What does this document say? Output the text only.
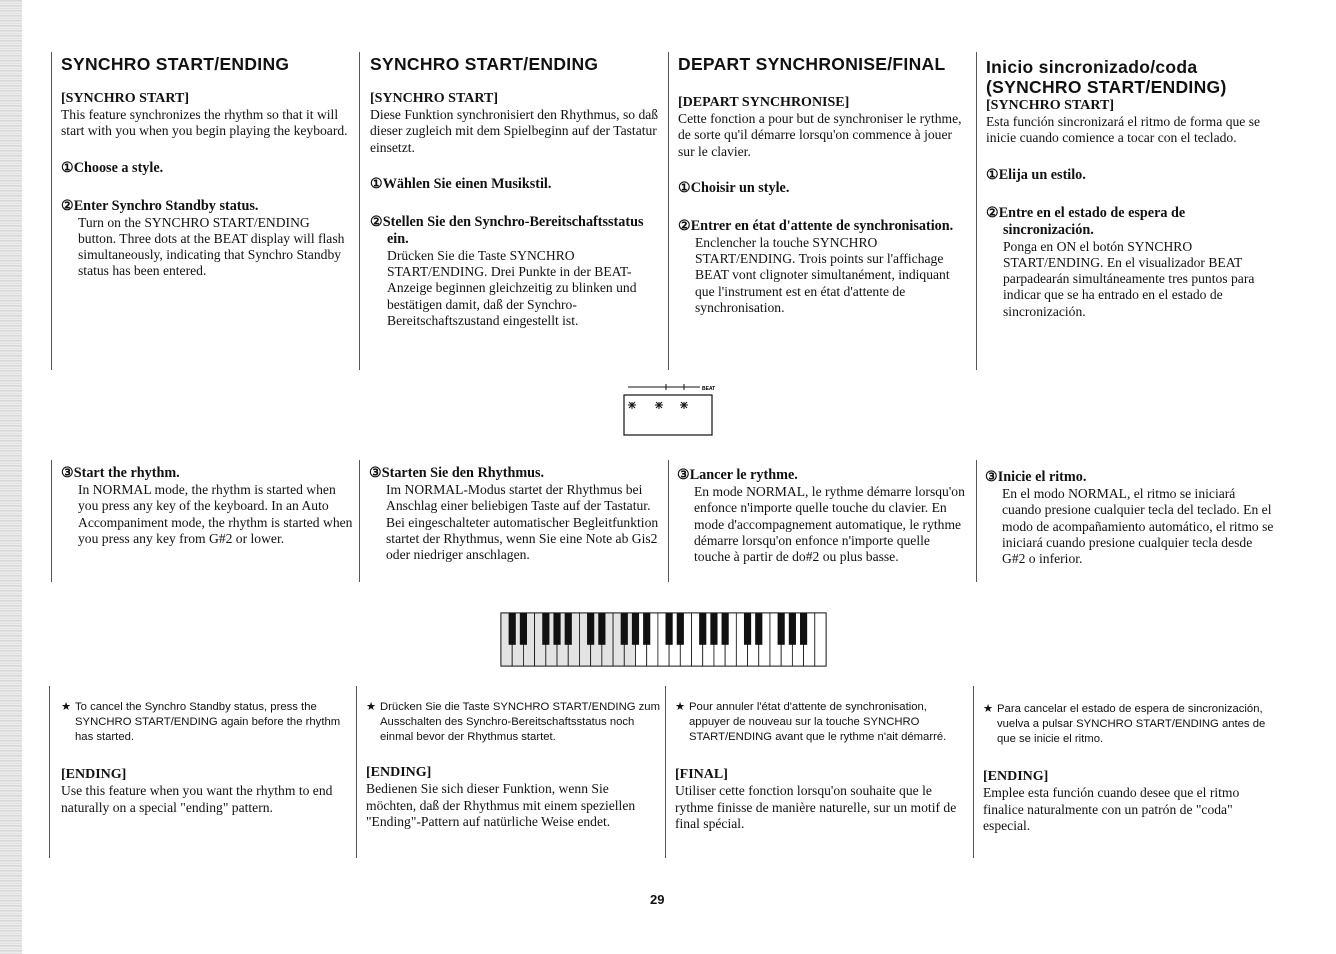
SYNCHRO START/ENDING

[SYNCHRO START]

This feature synchronizes the rhythm so that it will start with you when you begin playing the keyboard.

①Choose a style.

②Enter Synchro Standby status.

Turn on the SYNCHRO START/ENDING button. Three dots at the BEAT display will flash simultaneously, indicating that Synchro Standby status has been entered.

③Start the rhythm.

In NORMAL mode, the rhythm is started when you press any key of the keyboard. In an Auto Accompaniment mode, the rhythm is started when you press any key from G#2 or lower.

★ To cancel the Synchro Standby status, press the SYNCHRO START/ENDING again before the rhythm has started.

[ENDING]

Use this feature when you want the rhythm to end naturally on a special "ending" pattern.

SYNCHRO START/ENDING

[SYNCHRO START]

Diese Funktion synchronisiert den Rhythmus, so daß dieser zugleich mit dem Spielbeginn auf der Tastatur einsetzt.

①Wählen Sie einen Musikstil.

②Stellen Sie den Synchro-Bereitschaftsstatus ein.

Drücken Sie die Taste SYNCHRO START/ENDING. Drei Punkte in der BEAT-Anzeige beginnen gleichzeitig zu blinken und bestätigen damit, daß der Synchro-Bereitschaftszustand eingestellt ist.

③Starten Sie den Rhythmus.

Im NORMAL-Modus startet der Rhythmus bei Anschlag einer beliebigen Taste auf der Tastatur. Bei eingeschalteter automatischer Begleitfunktion startet der Rhythmus, wenn Sie eine Note ab Gis2 oder niedriger anschlagen.

★ Drücken Sie die Taste SYNCHRO START/ENDING zum Ausschalten des Synchro-Bereitschaftsstatus noch einmal bevor der Rhythmus startet.

[ENDING]

Bedienen Sie sich dieser Funktion, wenn Sie möchten, daß der Rhythmus mit einem speziellen "Ending"-Pattern auf natürliche Weise endet.

DEPART SYNCHRONISE/FINAL

[DEPART SYNCHRONISE]

Cette fonction a pour but de synchroniser le rythme, de sorte qu'il démarre lorsqu'on commence à jouer sur le clavier.

①Choisir un style.

②Entrer en état d'attente de synchronisation.

Enclencher la touche SYNCHRO START/ENDING. Trois points sur l'affichage BEAT vont clignoter simultanément, indiquant que l'instrument est en état d'attente de synchronisation.

③Lancer le rythme.

En mode NORMAL, le rythme démarre lorsqu'on enfonce n'importe quelle touche du clavier. En mode d'accompagnement automatique, le rythme démarre lorsqu'on enfonce n'importe quelle touche à partir de do#2 ou plus basse.

★ Pour annuler l'état d'attente de synchronisation, appuyer de nouveau sur la touche SYNCHRO START/ENDING avant que le rythme n'ait démarré.

[FINAL]

Utiliser cette fonction lorsqu'on souhaite que le rythme finisse de manière naturelle, sur un motif de final spécial.

Inicio sincronizado/coda
(SYNCHRO START/ENDING)

[SYNCHRO START]

Esta función sincronizará el ritmo de forma que se inicie cuando comience a tocar con el teclado.

①Elija un estilo.

②Entre en el estado de espera de sincronización.

Ponga en ON el botón SYNCHRO START/ENDING. En el visualizador BEAT parpadearán simultáneamente tres puntos para indicar que se ha entrado en el estado de sincronización.

③Inicie el ritmo.

En el modo NORMAL, el ritmo se iniciará cuando presione cualquier tecla del teclado. En el modo de acompañamiento automático, el ritmo se iniciará cuando presione cualquier tecla desde G#2 o inferior.

★ Para cancelar el estado de espera de sincronización, vuelva a pulsar SYNCHRO START/ENDING antes de que se inicie el ritmo.

[ENDING]

Emplee esta función cuando desee que el ritmo finalice naturalmente con un patrón de "coda" especial.

BEAT
29
